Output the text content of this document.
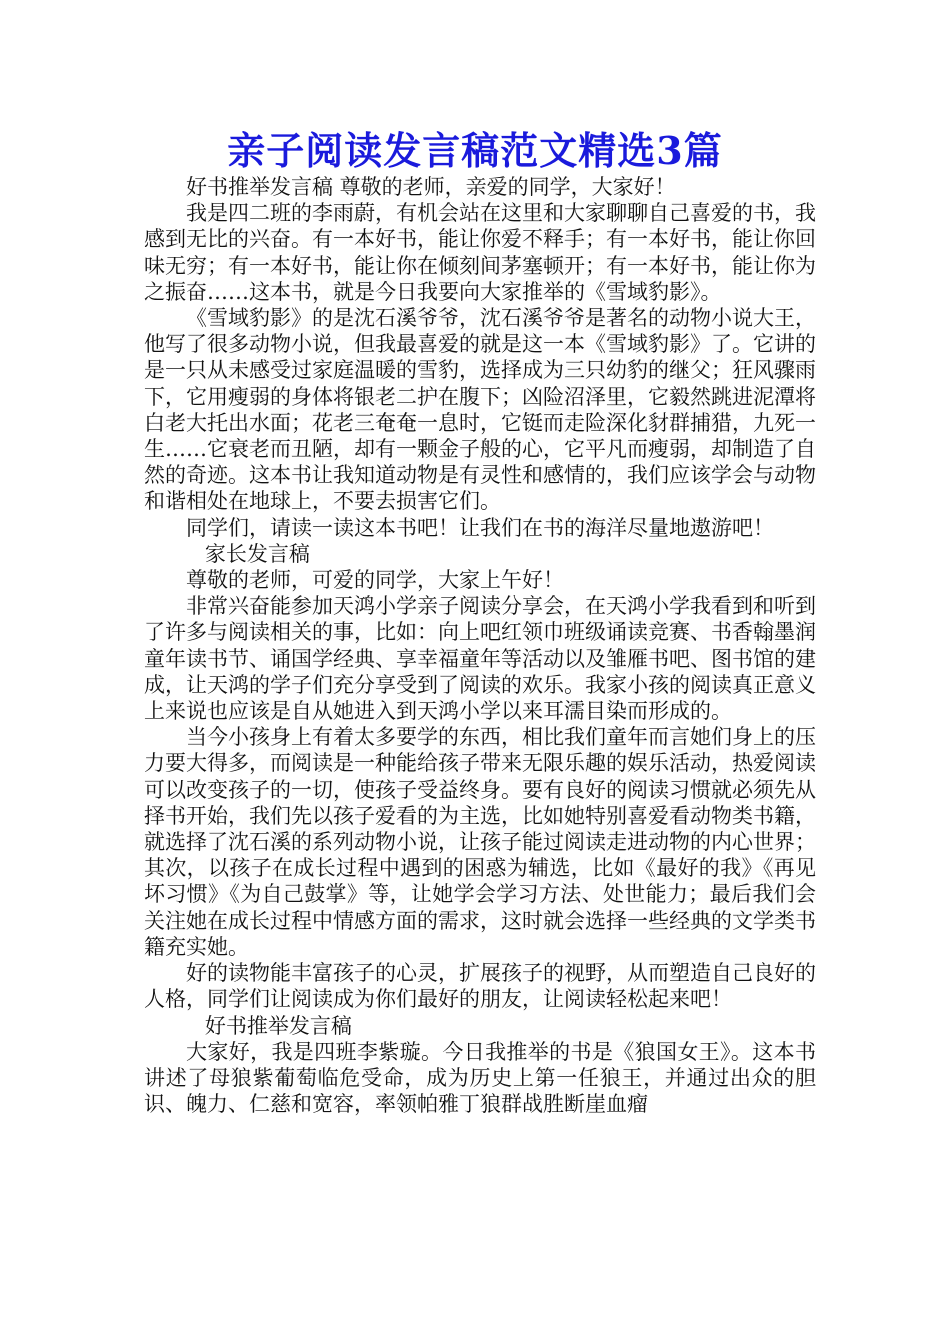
亲子阅读发言稿范文精选3篇

好书推举发言稿 尊敬的老师，亲爱的同学，大家好！

我是四二班的李雨蔚，有机会站在这里和大家聊聊自己喜爱的书，我感到无比的兴奋。有一本好书，能让你爱不释手；有一本好书，能让你回味无穷；有一本好书，能让你在倾刻间茅塞顿开；有一本好书，能让你为之振奋……这本书，就是今日我要向大家推举的《雪域豹影》。

《雪域豹影》的是沈石溪爷爷，沈石溪爷爷是著名的动物小说大王，他写了很多动物小说，但我最喜爱的就是这一本《雪域豹影》了。它讲的是一只从未感受过家庭温暖的雪豹，选择成为三只幼豹的继父；狂风骤雨下，它用瘦弱的身体将银老二护在腹下；凶险沼泽里，它毅然跳进泥潭将白老大托出水面；花老三奄奄一息时，它铤而走险深化豺群捕猎，九死一生……它衰老而丑陋，却有一颗金子般的心，它平凡而瘦弱，却制造了自然的奇迹。这本书让我知道动物是有灵性和感情的，我们应该学会与动物和谐相处在地球上，不要去损害它们。

同学们，请读一读这本书吧！让我们在书的海洋尽量地遨游吧！

家长发言稿

尊敬的老师，可爱的同学，大家上午好！

非常兴奋能参加天鸿小学亲子阅读分享会，在天鸿小学我看到和听到了许多与阅读相关的事，比如：向上吧红领巾班级诵读竞赛、书香翰墨润童年读书节、诵国学经典、享幸福童年等活动以及雏雁书吧、图书馆的建成，让天鸿的学子们充分享受到了阅读的欢乐。我家小孩的阅读真正意义上来说也应该是自从她进入到天鸿小学以来耳濡目染而形成的。

当今小孩身上有着太多要学的东西，相比我们童年而言她们身上的压力要大得多，而阅读是一种能给孩子带来无限乐趣的娱乐活动，热爱阅读可以改变孩子的一切，使孩子受益终身。要有良好的阅读习惯就必须先从择书开始，我们先以孩子爱看的为主选，比如她特别喜爱看动物类书籍，就选择了沈石溪的系列动物小说，让孩子能过阅读走进动物的内心世界；其次，以孩子在成长过程中遇到的困惑为辅选，比如《最好的我》《再见坏习惯》《为自己鼓掌》等，让她学会学习方法、处世能力；最后我们会关注她在成长过程中情感方面的需求，这时就会选择一些经典的文学类书籍充实她。

好的读物能丰富孩子的心灵，扩展孩子的视野，从而塑造自己良好的人格，同学们让阅读成为你们最好的朋友，让阅读轻松起来吧！

好书推举发言稿

大家好，我是四班李紫璇。今日我推举的书是《狼国女王》。这本书讲述了母狼紫葡萄临危受命，成为历史上第一任狼王，并通过出众的胆识、魄力、仁慈和宽容，率领帕雅丁狼群战胜断崖血瘤
